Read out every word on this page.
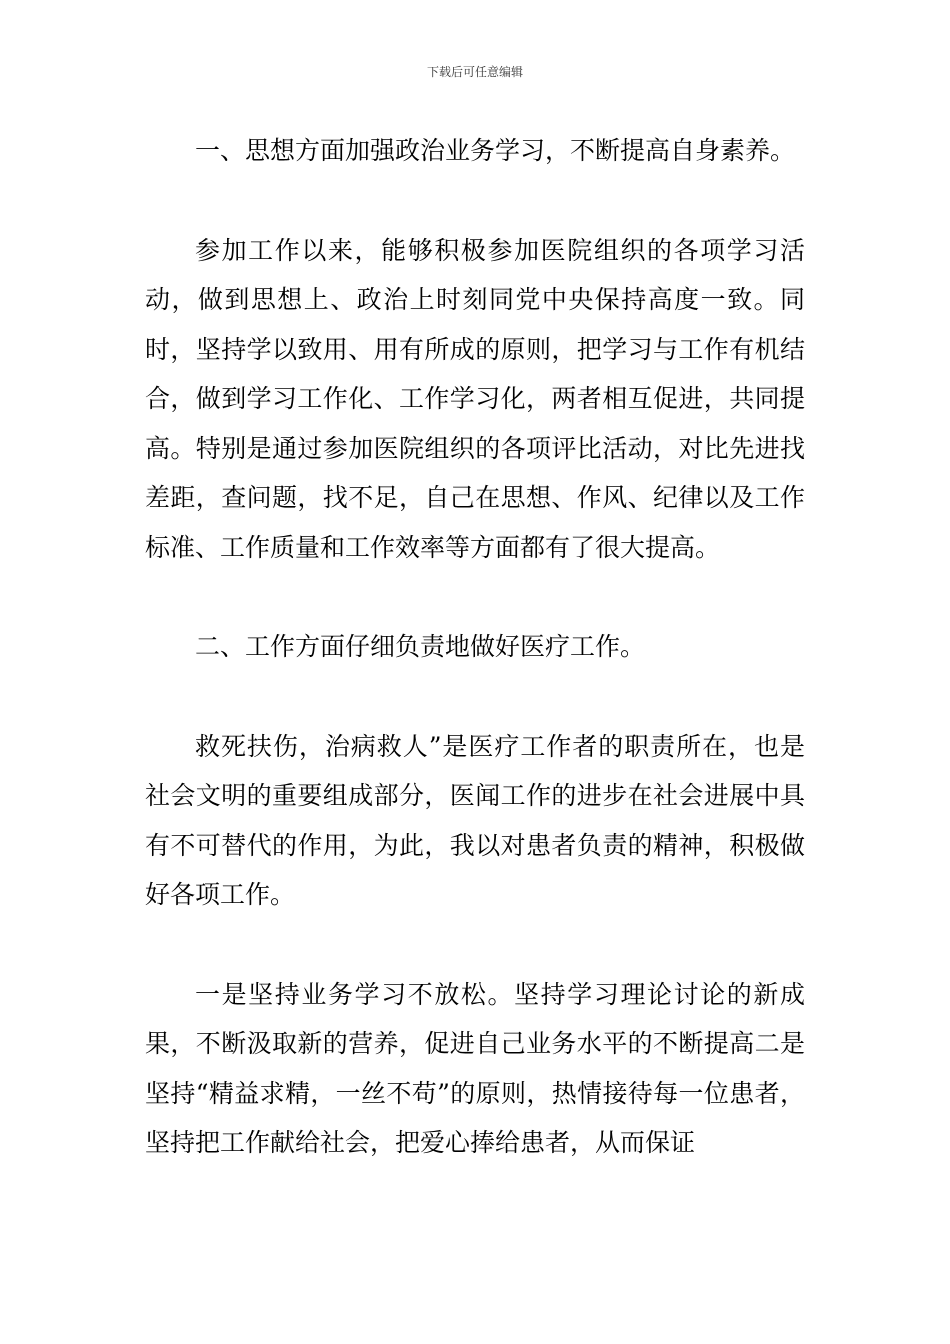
下载后可任意编辑

一、思想方面加强政治业务学习，不断提高自身素养。

参加工作以来，能够积极参加医院组织的各项学习活动，做到思想上、政治上时刻同党中央保持高度一致。同时，坚持学以致用、用有所成的原则，把学习与工作有机结合，做到学习工作化、工作学习化，两者相互促进，共同提高。特别是通过参加医院组织的各项评比活动，对比先进找差距，查问题，找不足，自己在思想、作风、纪律以及工作标准、工作质量和工作效率等方面都有了很大提高。

二、工作方面仔细负责地做好医疗工作。

救死扶伤，治病救人”是医疗工作者的职责所在，也是社会文明的重要组成部分，医闻工作的进步在社会进展中具有不可替代的作用，为此，我以对患者负责的精神，积极做好各项工作。

一是坚持业务学习不放松。坚持学习理论讨论的新成果，不断汲取新的营养，促进自己业务水平的不断提高二是坚持“精益求精，一丝不苟”的原则，热情接待每一位患者，坚持把工作献给社会，把爱心捧给患者，从而保证
